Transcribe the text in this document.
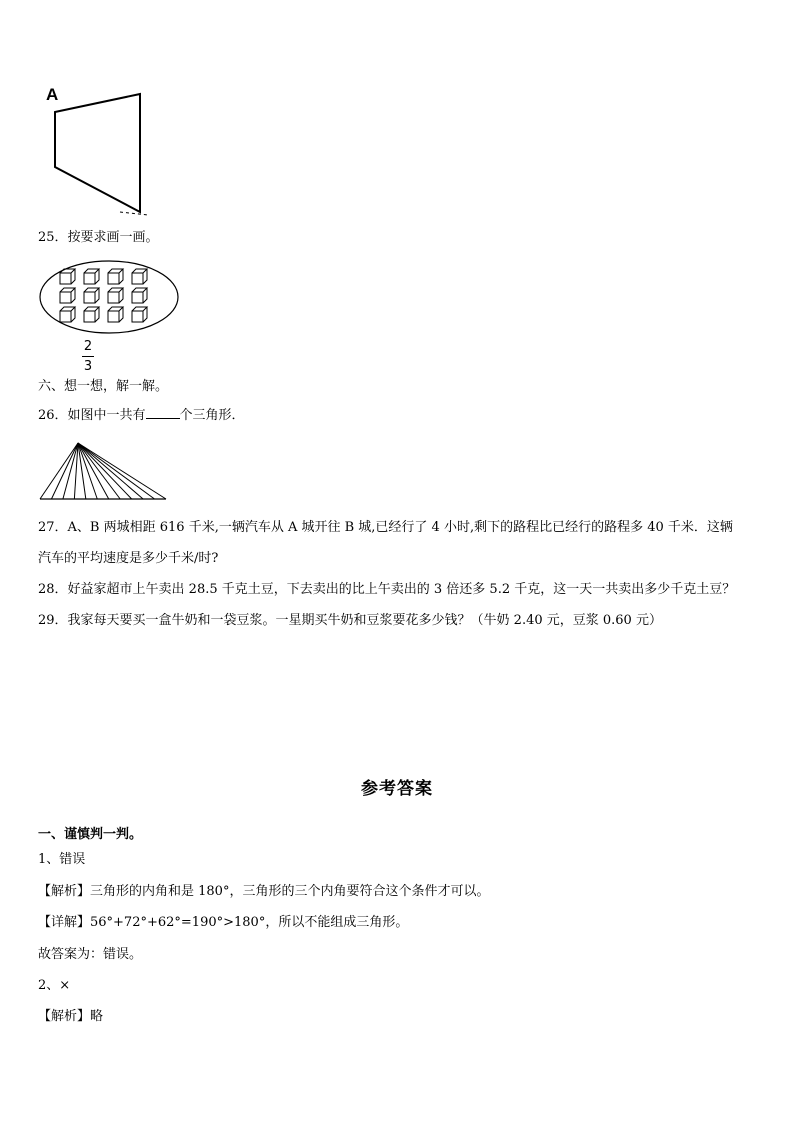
A
25．按要求画一画。
2
3
六、想一想，解一解。
26．如图中一共有	个三角形．
27．A、B 两城相距 616 千米,一辆汽车从 A 城开往 B 城,已经行了 4 小时,剩下的路程比已经行的路程多 40 千米．这辆
汽车的平均速度是多少千米/时?
28．好益家超市上午卖出 28.5 千克土豆，下去卖出的比上午卖出的 3 倍还多 5.2 千克，这一天一共卖出多少千克土豆？
29．我家每天要买一盒牛奶和一袋豆浆。一星期买牛奶和豆浆要花多少钱？（牛奶 2.40 元，豆浆 0.60 元）
参考答案
一、谨慎判一判。
1、错误
【解析】三角形的内角和是 180°，三角形的三个内角要符合这个条件才可以。
【详解】56°+72°+62°=190°>180°，所以不能组成三角形。
故答案为：错误。
2、×
【解析】略
